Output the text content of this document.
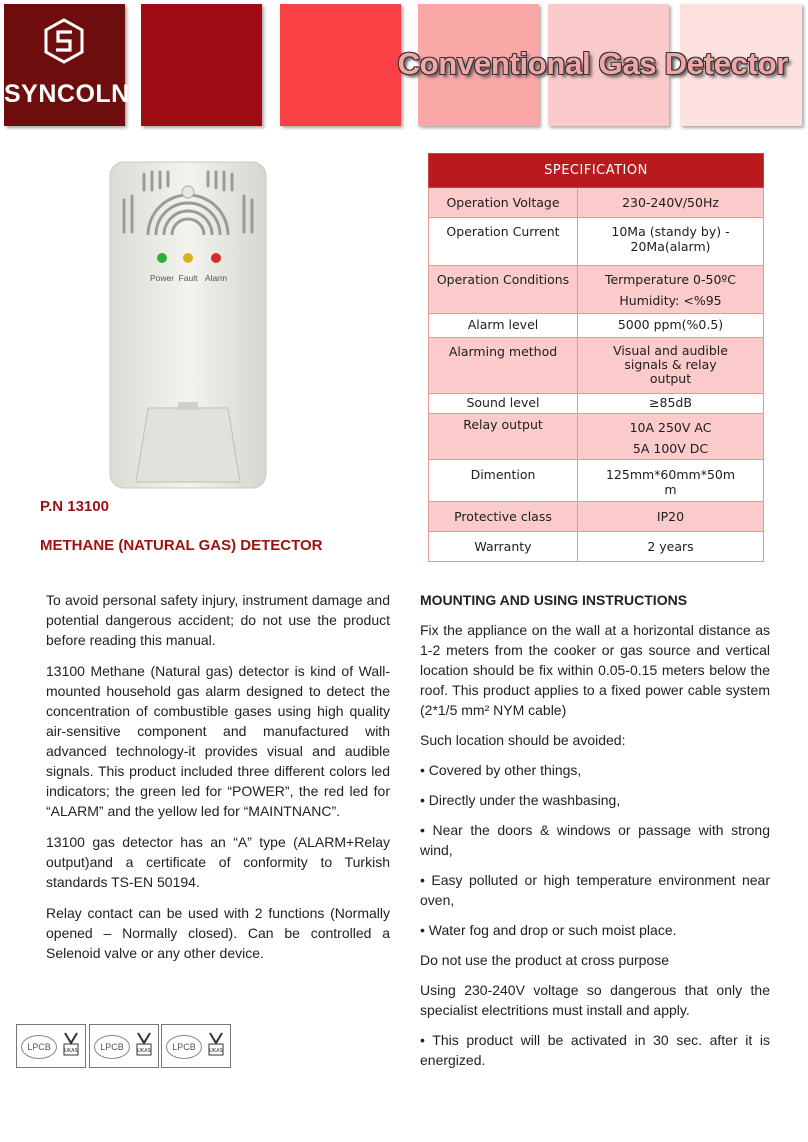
SYNCOLN
Conventional Gas Detector
Power Fault Alarm
P.N 13100
METHANE (NATURAL GAS) DETECTOR
SPECIFICATION	
Operation Voltage	230-240V/50Hz

Operation Current	10Ma (standy by) -
20Ma(alarm)

Operation Conditions	Termperature 0-50ºC
Humidity: <%95

Alarm level	5000 ppm(%0.5)

Alarming method	Visual and audible
signals & relay
output

Sound level	≥85dB

Relay output	10A 250V AC
5A 100V DC

Dimention	125mm*60mm*50m
m

Protective class	IP20

Warranty	2 years

To avoid personal safety injury, instrument damage and potential dangerous accident; do not use the product before reading this manual.

13100 Methane (Natural gas) detector is kind of Wall-mounted household gas alarm designed to detect the concentration of combustible gases using high quality air-sensitive component and manufactured with advanced technology-it provides visual and audible signals. This product included three different colors led indicators; the green led for “POWER”, the red led for “ALARM” and the yellow led for “MAINTNANC”.

13100 gas detector has an “A” type (ALARM+Relay output)and a certificate of conformity to Turkish standards TS-EN 50194.

Relay contact can be used with 2 functions (Normally opened – Normally closed). Can be controlled a Selenoid valve or any other device.

MOUNTING AND USING INSTRUCTIONS

Fix the appliance on the wall at a horizontal distance as 1-2 meters from the cooker or gas source and vertical location should be fix within 0.05-0.15 meters below the roof. This product applies to a fixed power cable system (2*1/5 mm² NYM cable)

Such location should be avoided:

• Covered by other things,

• Directly under the washbasing,

• Near the doors & windows or passage with strong wind,

• Easy polluted or high temperature environment near oven,

• Water fog and drop or such moist place.

Do not use the product at cross purpose

Using 230-240V voltage so dangerous that only the specialist electritions must install and apply.

• This product will be activated in 30 sec. after it is energized.

LPCB	UKAS	LPCB	UKAS	LPCB	UKAS
